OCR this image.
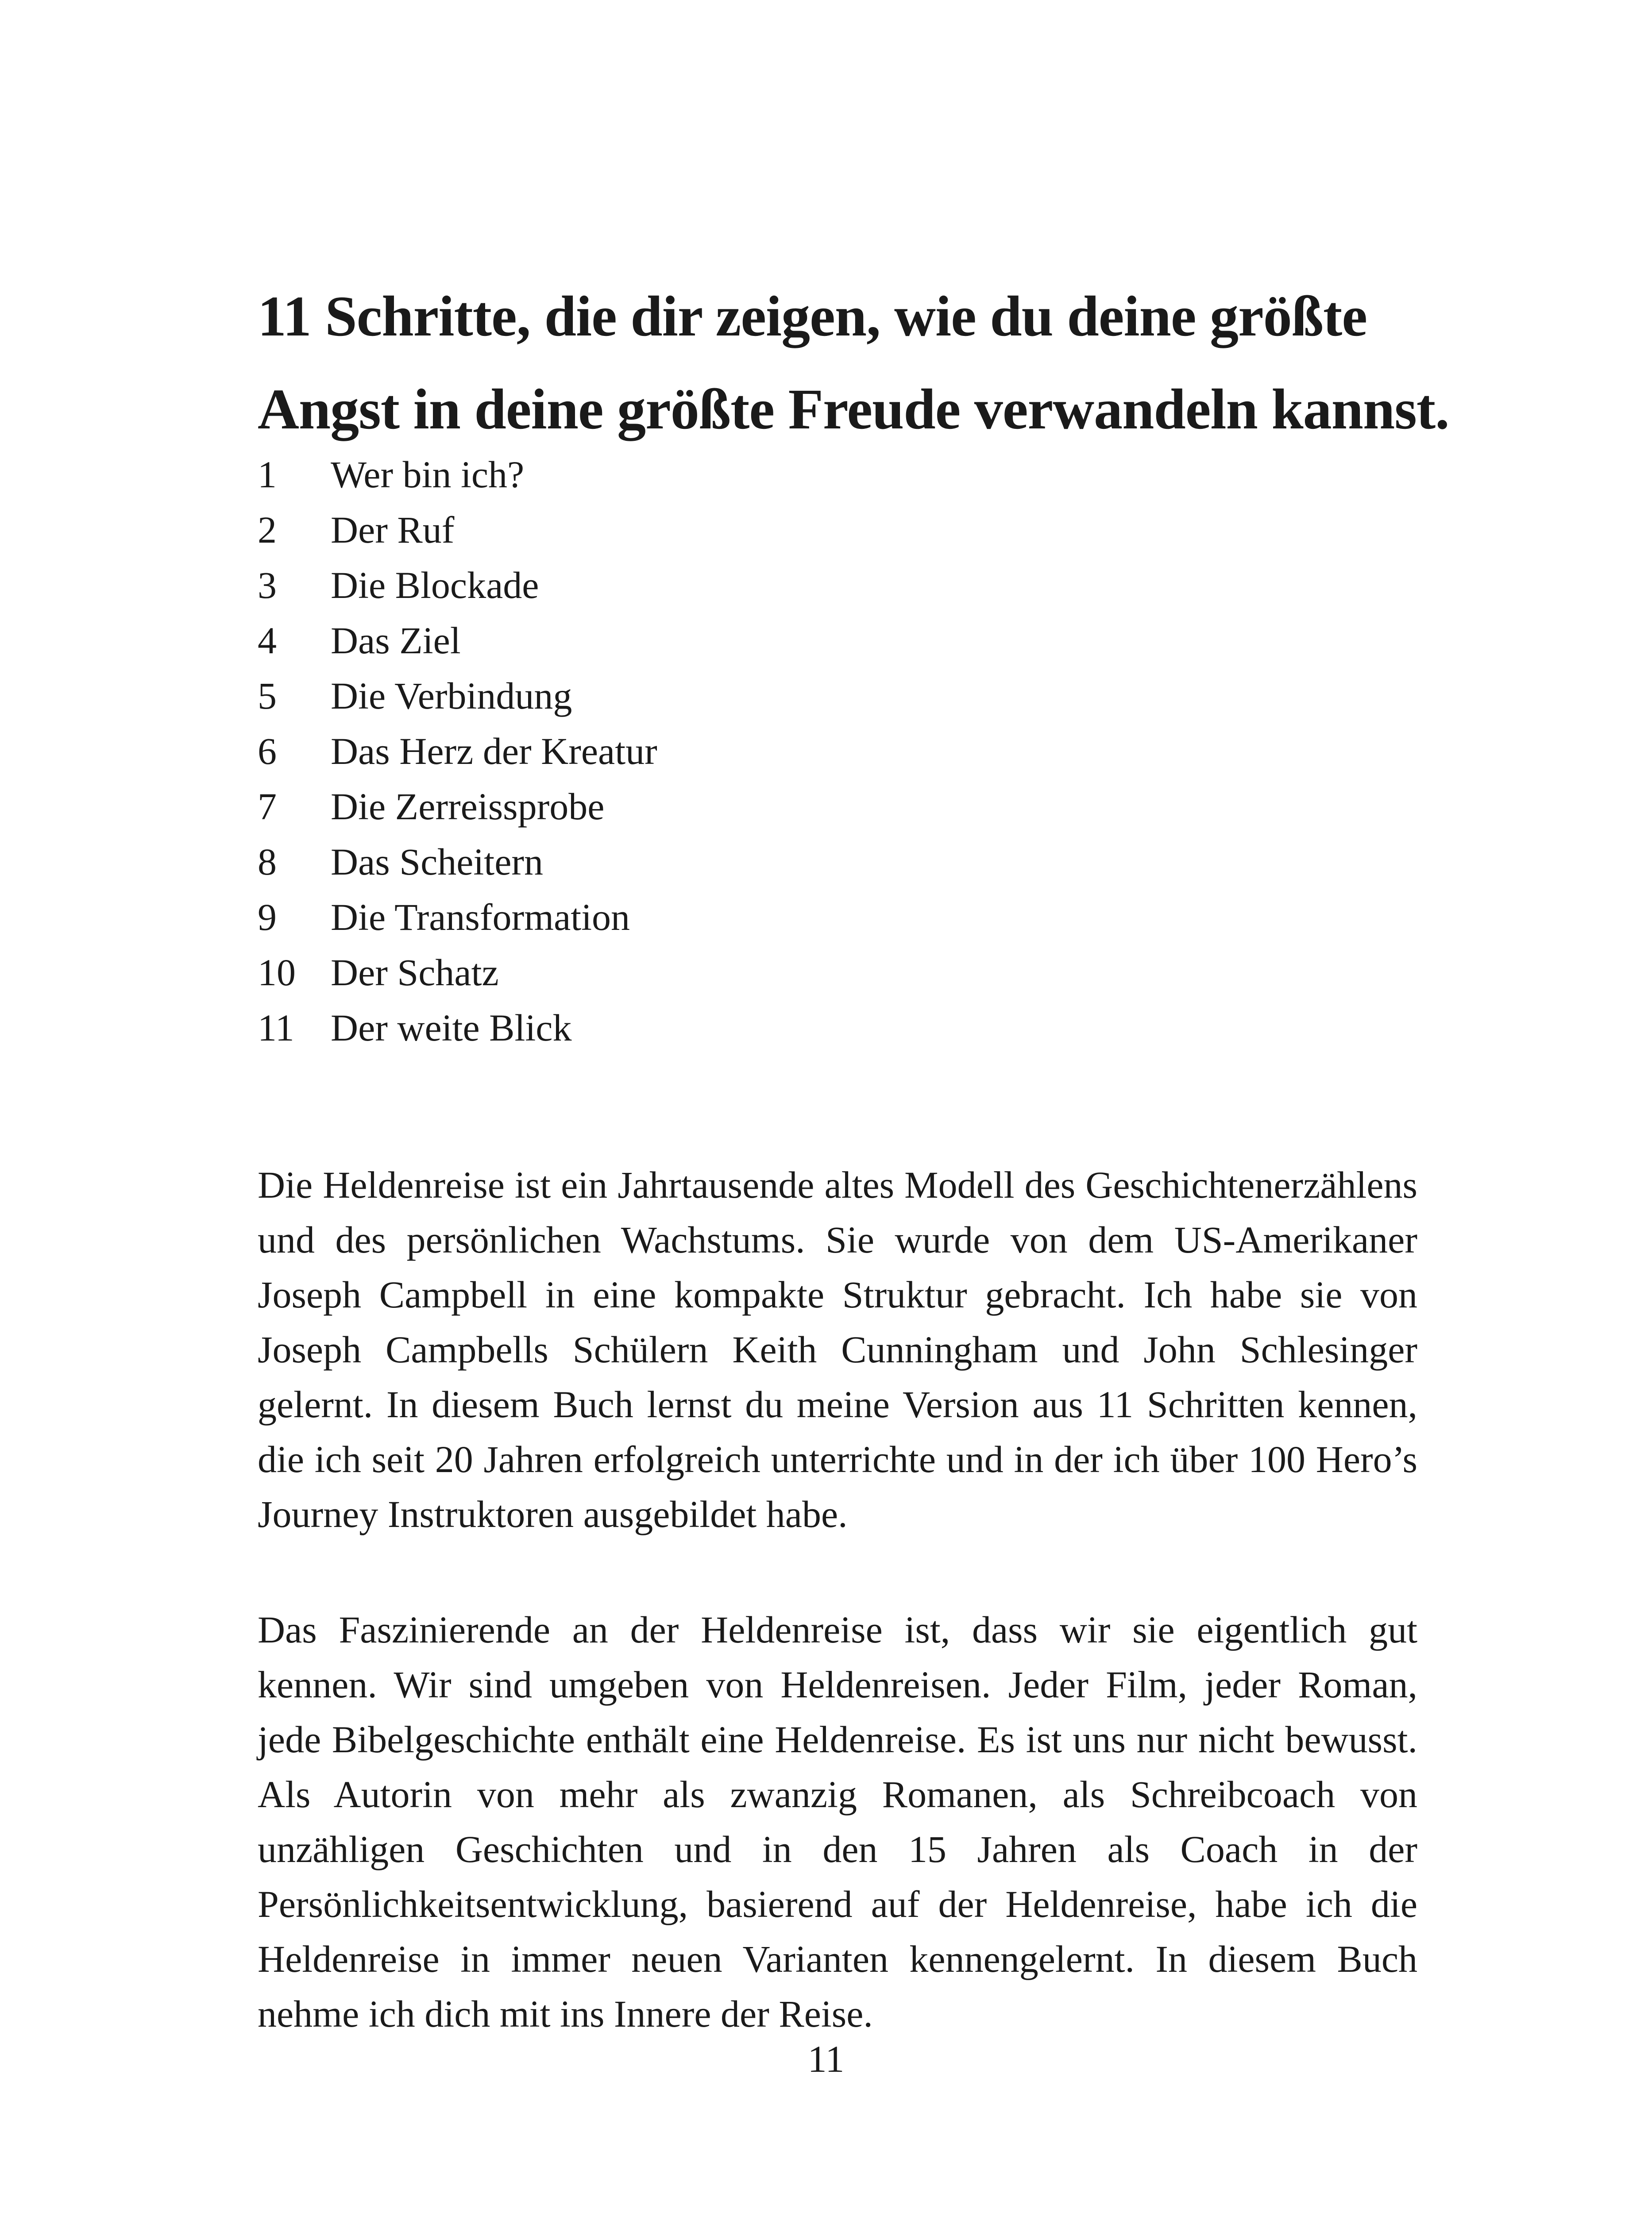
11 Schritte, die dir zeigen, wie du deine größte
Angst in deine größte Freude verwandeln kannst.
1	Wer bin ich?
2	Der Ruf
3	Die Blockade
4	Das Ziel
5	Die Verbindung
6	Das Herz der Kreatur
7	Die Zerreissprobe
8	Das Scheitern
9	Die Transformation
10 Der Schatz
11 Der weite Blick

Die Heldenreise ist ein Jahrtausende altes Modell des Geschichtenerzählens und des persönlichen Wachstums. Sie wurde von dem US-Amerikaner Joseph Campbell in eine kompakte Struktur gebracht. Ich habe sie von Joseph Campbells Schülern Keith Cunningham und John Schlesinger gelernt. In diesem Buch lernst du meine Version aus 11 Schritten kennen, die ich seit 20 Jahren erfolgreich unterrichte und in der ich über 100 Hero’s Journey Instruktoren ausgebildet habe.

Das Faszinierende an der Heldenreise ist, dass wir sie eigentlich gut kennen. Wir sind umgeben von Heldenreisen. Jeder Film, jeder Roman, jede Bibelgeschichte enthält eine Heldenreise. Es ist uns nur nicht bewusst. Als Autorin von mehr als zwanzig Romanen, als Schreibcoach von unzähligen Geschichten und in den 15 Jahren als Coach in der Persönlichkeitsentwicklung, basierend auf der Heldenreise, habe ich die Heldenreise in immer neuen Varianten kennengelernt. In diesem Buch nehme ich dich mit ins Innere der Reise.

11
